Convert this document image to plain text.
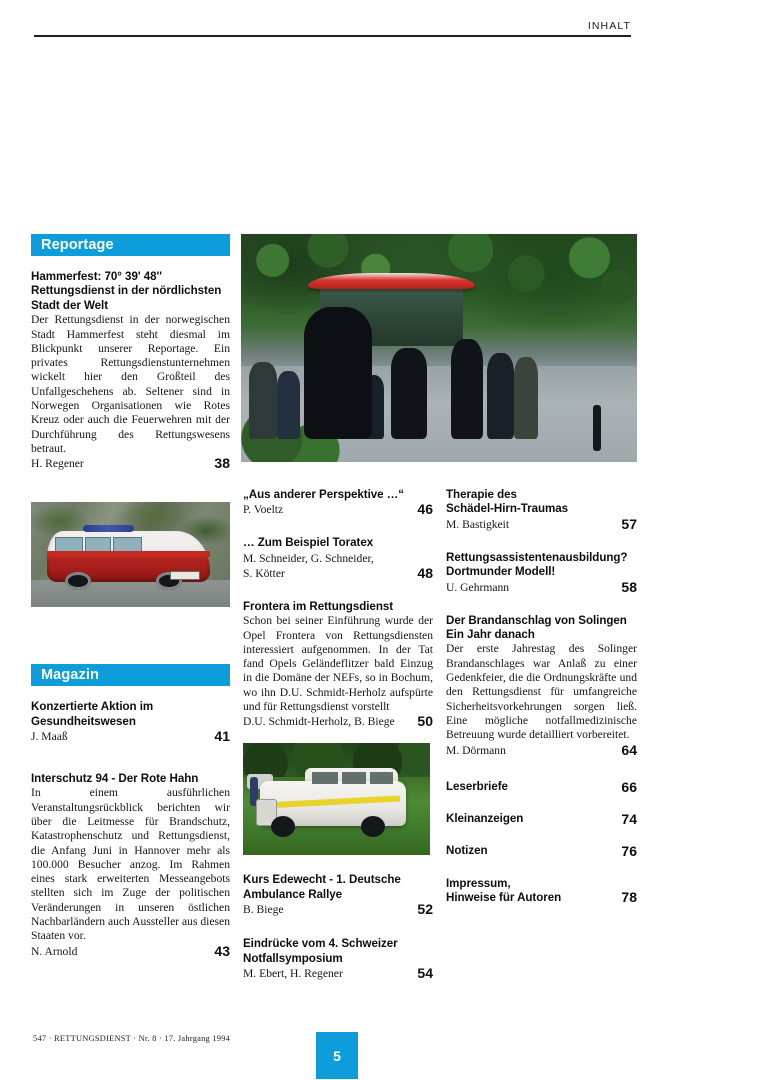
INHALT
Reportage
Hammerfest: 70° 39' 48''
Rettungsdienst in der nördlichsten
Stadt der Welt
Der Rettungsdienst in der norwegischen Stadt Hammerfest steht diesmal im Blickpunkt unserer Reportage. Ein privates Rettungsdienstunternehmen wickelt hier den Großteil des Unfallgeschehens ab. Seltener sind in Norwegen Organisationen wie Rotes Kreuz oder auch die Feuerwehren mit der Durchführung des Rettungswesens betraut.
H. Regener	38
Magazin
Konzertierte Aktion im
Gesundheitswesen
J. Maaß	41
Interschutz 94 - Der Rote Hahn
In einem ausführlichen Veranstaltungsrückblick berichten wir über die Leitmesse für Brandschutz, Katastrophenschutz und Rettungsdienst, die Anfang Juni in Hannover mehr als 100.000 Besucher anzog. Im Rahmen eines stark erweiterten Messeangebots stellten sich im Zuge der politischen Veränderungen in unseren östlichen Nachbarländern auch Aussteller aus diesen Staaten vor.
N. Arnold	43
„Aus anderer Perspektive …“
P. Voeltz	46
… Zum Beispiel Toratex
M. Schneider, G. Schneider,
S. Kötter	48
Frontera im Rettungsdienst
Schon bei seiner Einführung wurde der Opel Frontera von Rettungsdiensten interessiert aufgenommen. In der Tat fand Opels Geländeflitzer bald Einzug in die Domäne der NEFs, so in Bochum, wo ihn D.U. Schmidt-Herholz aufspürte und für Rettungsdienst vorstellt
D.U. Schmidt-Herholz, B. Biege	50
Kurs Edewecht - 1. Deutsche
Ambulance Rallye
B. Biege	52
Eindrücke vom 4. Schweizer
Notfallsymposium
M. Ebert, H. Regener	54
Therapie des
Schädel-Hirn-Traumas
M. Bastigkeit	57
Rettungsassistentenausbildung?
Dortmunder Modell!
U. Gehrmann	58
Der Brandanschlag von Solingen
Ein Jahr danach
Der erste Jahrestag des Solinger Brandanschlages war Anlaß zu einer Gedenkfeier, die die Ordnungskräfte und den Rettungsdienst für umfangreiche Sicherheitsvorkehrungen sorgen ließ. Eine mögliche notfallmedizinische Betreuung wurde detailliert vorbereitet.
M. Dörmann	64
Leserbriefe	66
Kleinanzeigen	74
Notizen	76
Impressum,
Hinweise für Autoren	78
547 · RETTUNGSDIENST · Nr. 8 · 17. Jahrgang 1994
5
